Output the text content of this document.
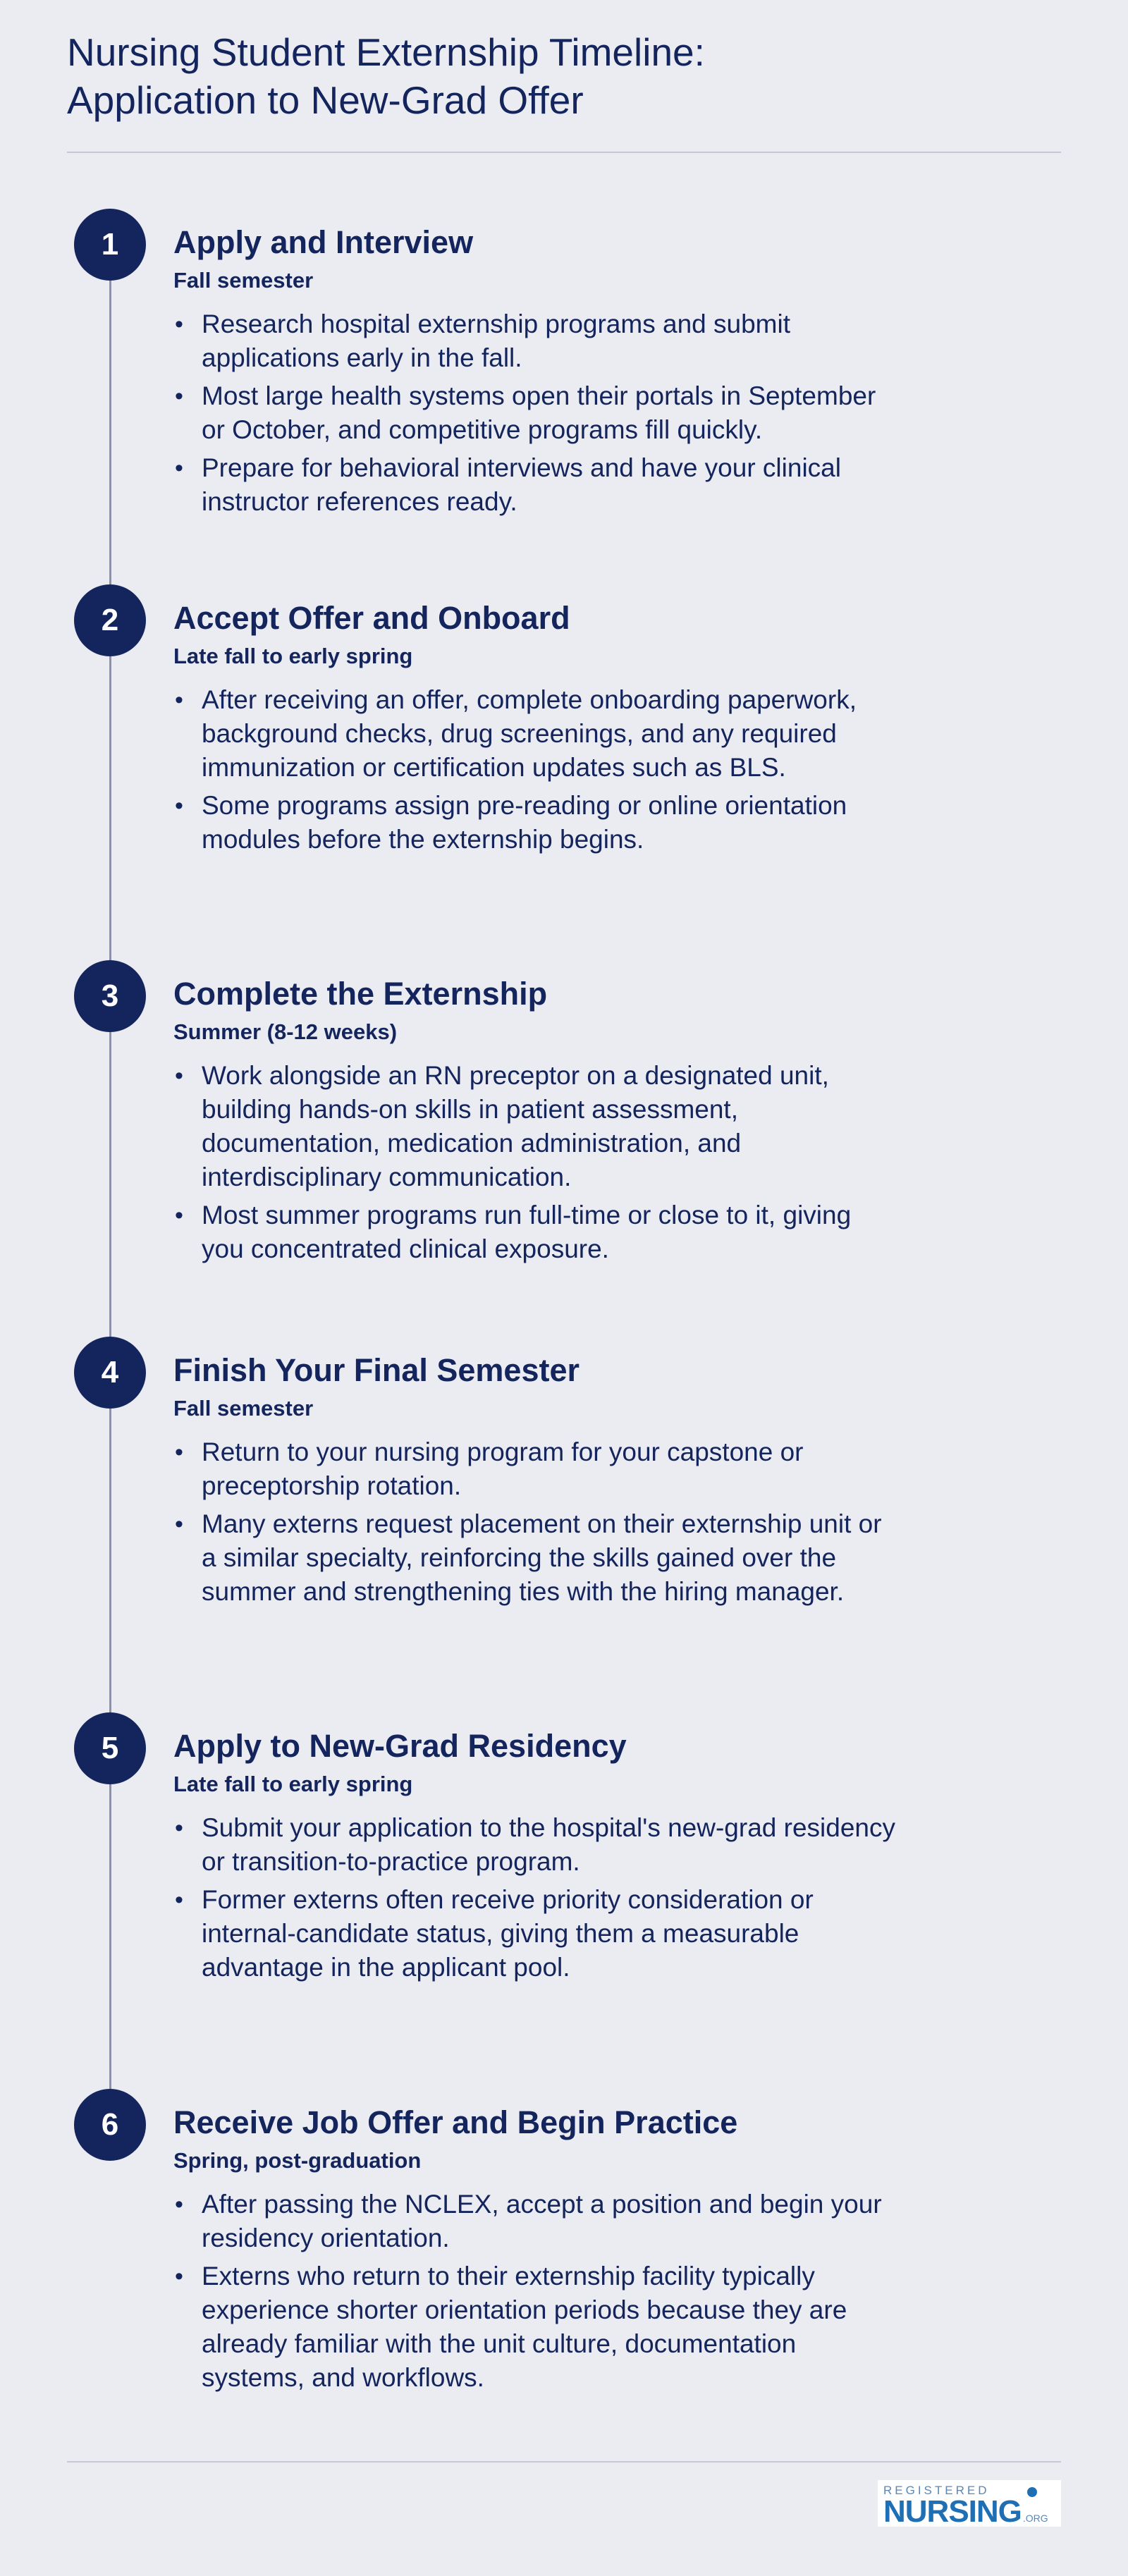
Nursing Student Externship Timeline:
Application to New-Grad Offer
1	Apply and Interview
Fall semester
• Research hospital externship programs and submit applications early in the fall.
• Most large health systems open their portals in September or October, and competitive programs fill quickly.
• Prepare for behavioral interviews and have your clinical instructor references ready.
2	Accept Offer and Onboard
Late fall to early spring
• After receiving an offer, complete onboarding paperwork, background checks, drug screenings, and any required immunization or certification updates such as BLS.
• Some programs assign pre-reading or online orientation modules before the externship begins.
3	Complete the Externship
Summer (8-12 weeks)
• Work alongside an RN preceptor on a designated unit, building hands-on skills in patient assessment, documentation, medication administration, and interdisciplinary communication.
• Most summer programs run full-time or close to it, giving you concentrated clinical exposure.
4	Finish Your Final Semester
Fall semester
• Return to your nursing program for your capstone or preceptorship rotation.
• Many externs request placement on their externship unit or a similar specialty, reinforcing the skills gained over the summer and strengthening ties with the hiring manager.
5	Apply to New-Grad Residency
Late fall to early spring
• Submit your application to the hospital's new-grad residency or transition-to-practice program.
• Former externs often receive priority consideration or internal-candidate status, giving them a measurable advantage in the applicant pool.
6	Receive Job Offer and Begin Practice
Spring, post-graduation
• After passing the NCLEX, accept a position and begin your residency orientation.
• Externs who return to their externship facility typically experience shorter orientation periods because they are already familiar with the unit culture, documentation systems, and workflows.
REGISTERED
NURSING .ORG
